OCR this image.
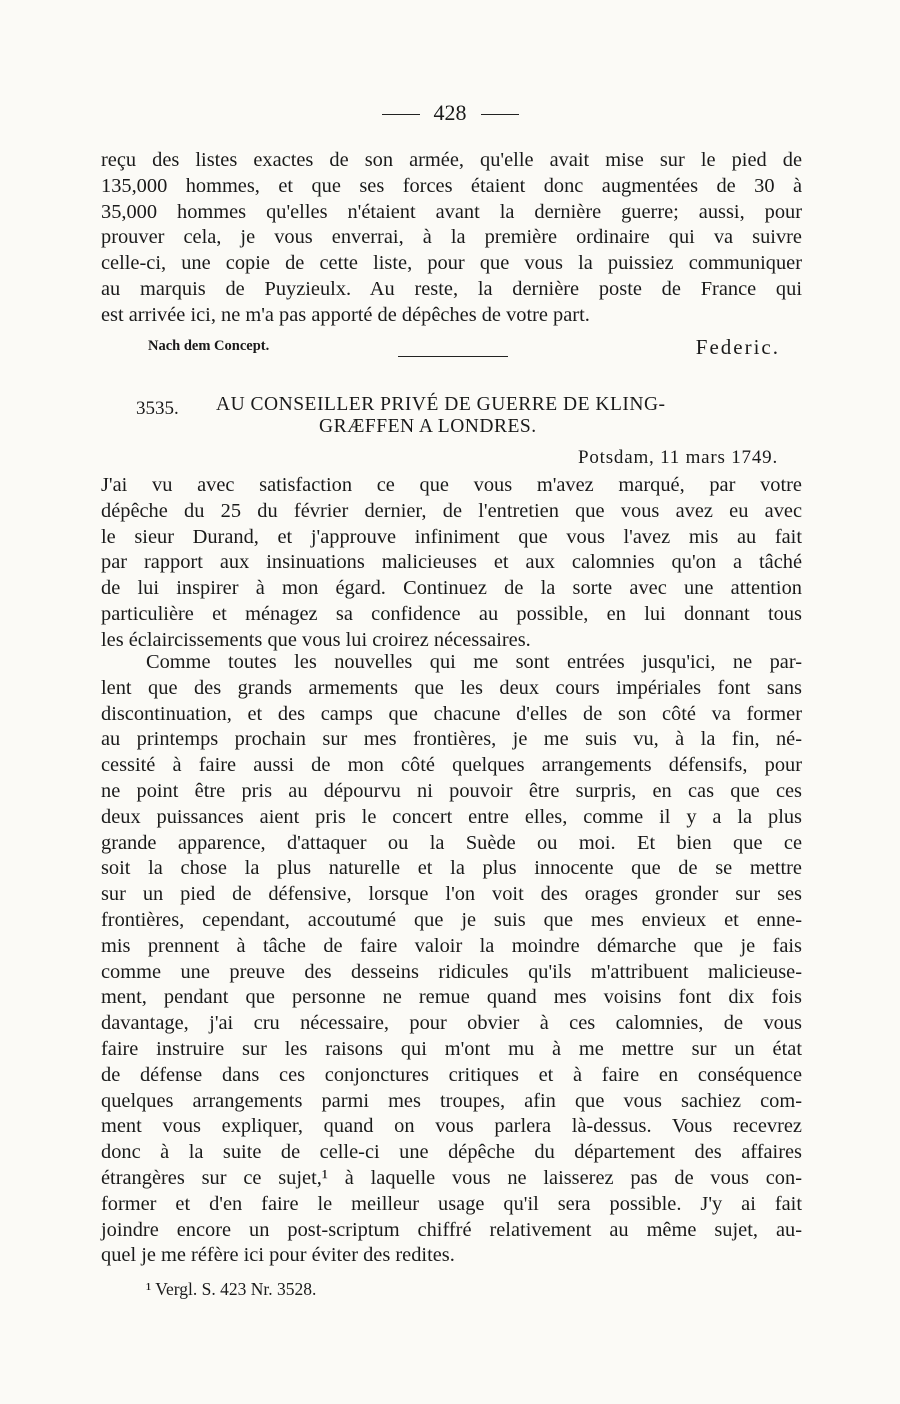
428
reçu des listes exactes de son armée, qu'elle avait mise sur le pied de
135,000 hommes, et que ses forces étaient donc augmentées de 30 à
35,000 hommes qu'elles n'étaient avant la dernière guerre; aussi, pour
prouver cela, je vous enverrai, à la première ordinaire qui va suivre
celle-ci, une copie de cette liste, pour que vous la puissiez communiquer
au marquis de Puyzieulx. Au reste, la dernière poste de France qui
est arrivée ici, ne m'a pas apporté de dépêches de votre part.
Nach dem Concept.	Federic.
3535. AU CONSEILLER PRIVÉ DE GUERRE DE KLING-
GRÆFFEN A LONDRES.
Potsdam, 11 mars 1749.
J'ai vu avec satisfaction ce que vous m'avez marqué, par votre
dépêche du 25 du février dernier, de l'entretien que vous avez eu avec
le sieur Durand, et j'approuve infiniment que vous l'avez mis au fait
par rapport aux insinuations malicieuses et aux calomnies qu'on a tâché
de lui inspirer à mon égard. Continuez de la sorte avec une attention
particulière et ménagez sa confidence au possible, en lui donnant tous
les éclaircissements que vous lui croirez nécessaires.
Comme toutes les nouvelles qui me sont entrées jusqu'ici, ne par-
lent que des grands armements que les deux cours impériales font sans
discontinuation, et des camps que chacune d'elles de son côté va former
au printemps prochain sur mes frontières, je me suis vu, à la fin, né-
cessité à faire aussi de mon côté quelques arrangements défensifs, pour
ne point être pris au dépourvu ni pouvoir être surpris, en cas que ces
deux puissances aient pris le concert entre elles, comme il y a la plus
grande apparence, d'attaquer ou la Suède ou moi. Et bien que ce
soit la chose la plus naturelle et la plus innocente que de se mettre
sur un pied de défensive, lorsque l'on voit des orages gronder sur ses
frontières, cependant, accoutumé que je suis que mes envieux et enne-
mis prennent à tâche de faire valoir la moindre démarche que je fais
comme une preuve des desseins ridicules qu'ils m'attribuent malicieuse-
ment, pendant que personne ne remue quand mes voisins font dix fois
davantage, j'ai cru nécessaire, pour obvier à ces calomnies, de vous
faire instruire sur les raisons qui m'ont mu à me mettre sur un état
de défense dans ces conjonctures critiques et à faire en conséquence
quelques arrangements parmi mes troupes, afin que vous sachiez com-
ment vous expliquer, quand on vous parlera là-dessus. Vous recevrez
donc à la suite de celle-ci une dépêche du département des affaires
étrangères sur ce sujet,¹ à laquelle vous ne laisserez pas de vous con-
former et d'en faire le meilleur usage qu'il sera possible. J'y ai fait
joindre encore un post-scriptum chiffré relativement au même sujet, au-
quel je me réfère ici pour éviter des redites.
¹ Vergl. S. 423 Nr. 3528.
